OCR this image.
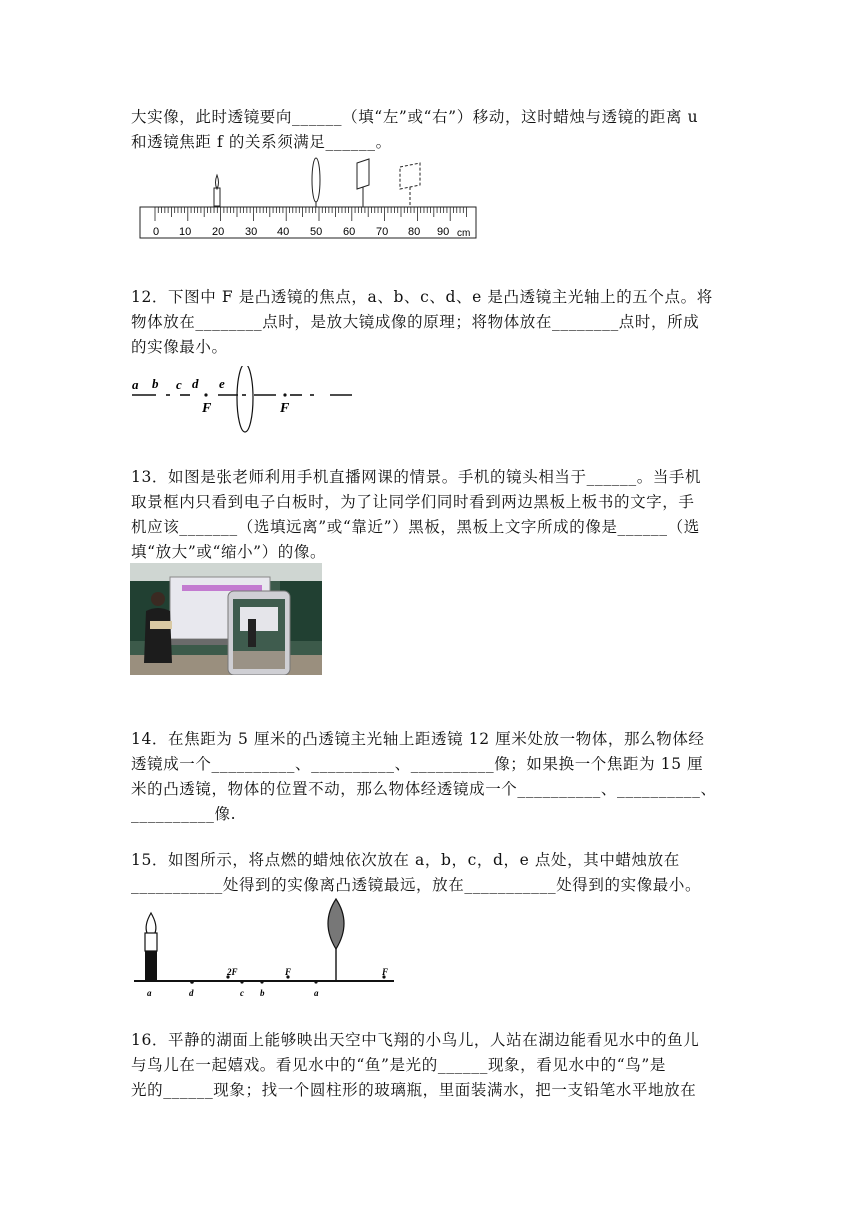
大实像，此时透镜要向______（填“左”或“右”）移动，这时蜡烛与透镜的距离 u
和透镜焦距 f 的关系须满足______。
0 10 20 30 40 50 60 70 80 90 cm
12．下图中 F 是凸透镜的焦点，a、b、c、d、e 是凸透镜主光轴上的五个点。将
物体放在________点时，是放大镜成像的原理；将物体放在________点时，所成
的实像最小。
a b c d e
F	F
13．如图是张老师利用手机直播网课的情景。手机的镜头相当于______。当手机
取景框内只看到电子白板时，为了让同学们同时看到两边黑板上板书的文字，手
机应该_______（选填远离”或“靠近”）黑板，黑板上文字所成的像是______（选
填“放大”或“缩小”）的像。
14．在焦距为 5 厘米的凸透镜主光轴上距透镜 12 厘米处放一物体，那么物体经
透镜成一个__________、__________、__________像；如果换一个焦距为 15 厘
米的凸透镜，物体的位置不动，那么物体经透镜成一个__________、__________、
__________像.
15．如图所示，将点燃的蜡烛依次放在 a，b，c，d，e 点处，其中蜡烛放在
___________处得到的实像离凸透镜最远，放在___________处得到的实像最小。
2F	F	F
a	d	c b	a
16．平静的湖面上能够映出天空中飞翔的小鸟儿，人站在湖边能看见水中的鱼儿
与鸟儿在一起嬉戏。看见水中的“鱼”是光的______现象，看见水中的“鸟”是
光的______现象；找一个圆柱形的玻璃瓶，里面装满水，把一支铅笔水平地放在
